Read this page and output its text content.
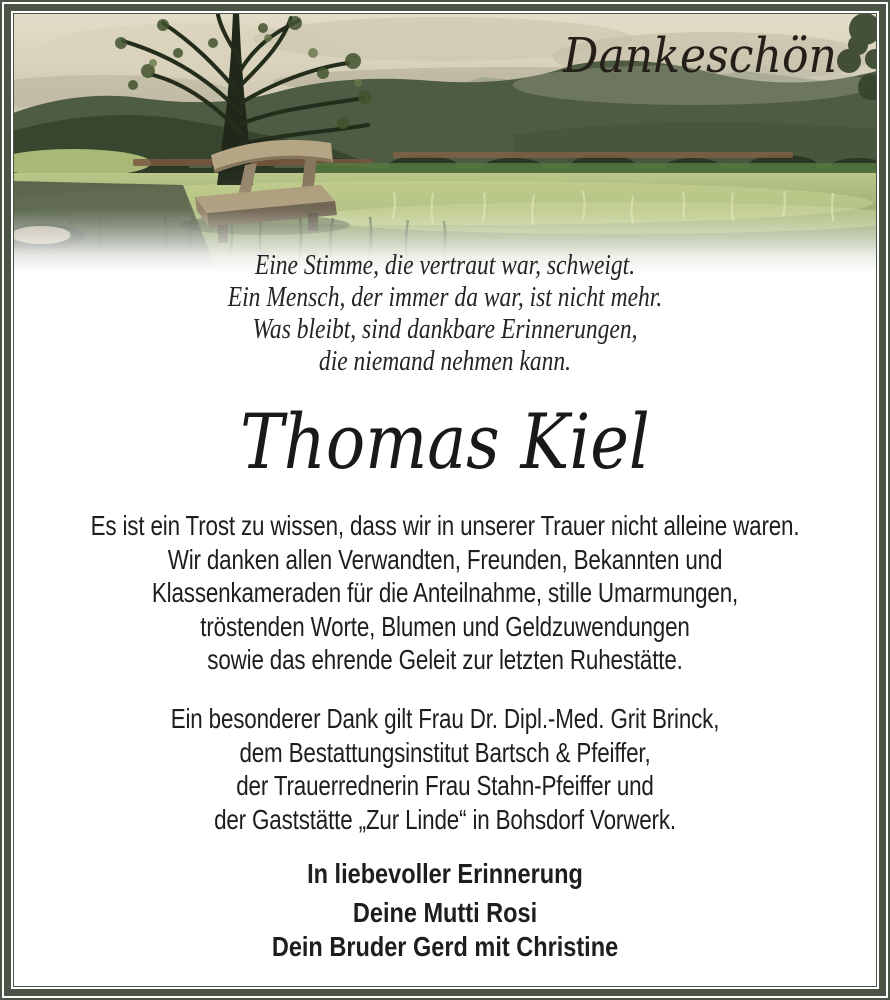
Dankeschön
Eine Stimme, die vertraut war, schweigt.
Ein Mensch, der immer da war, ist nicht mehr.
Was bleibt, sind dankbare Erinnerungen,
die niemand nehmen kann.
Thomas Kiel
Es ist ein Trost zu wissen, dass wir in unserer Trauer nicht alleine waren.
Wir danken allen Verwandten, Freunden, Bekannten und
Klassenkameraden für die Anteilnahme, stille Umarmungen,
tröstenden Worte, Blumen und Geldzuwendungen
sowie das ehrende Geleit zur letzten Ruhestätte.
Ein besonderer Dank gilt Frau Dr. Dipl.-Med. Grit Brinck,
dem Bestattungsinstitut Bartsch & Pfeiffer,
der Trauerrednerin Frau Stahn-Pfeiffer und
der Gaststätte „Zur Linde“ in Bohsdorf Vorwerk.
In liebevoller Erinnerung
Deine Mutti Rosi
Dein Bruder Gerd mit Christine
